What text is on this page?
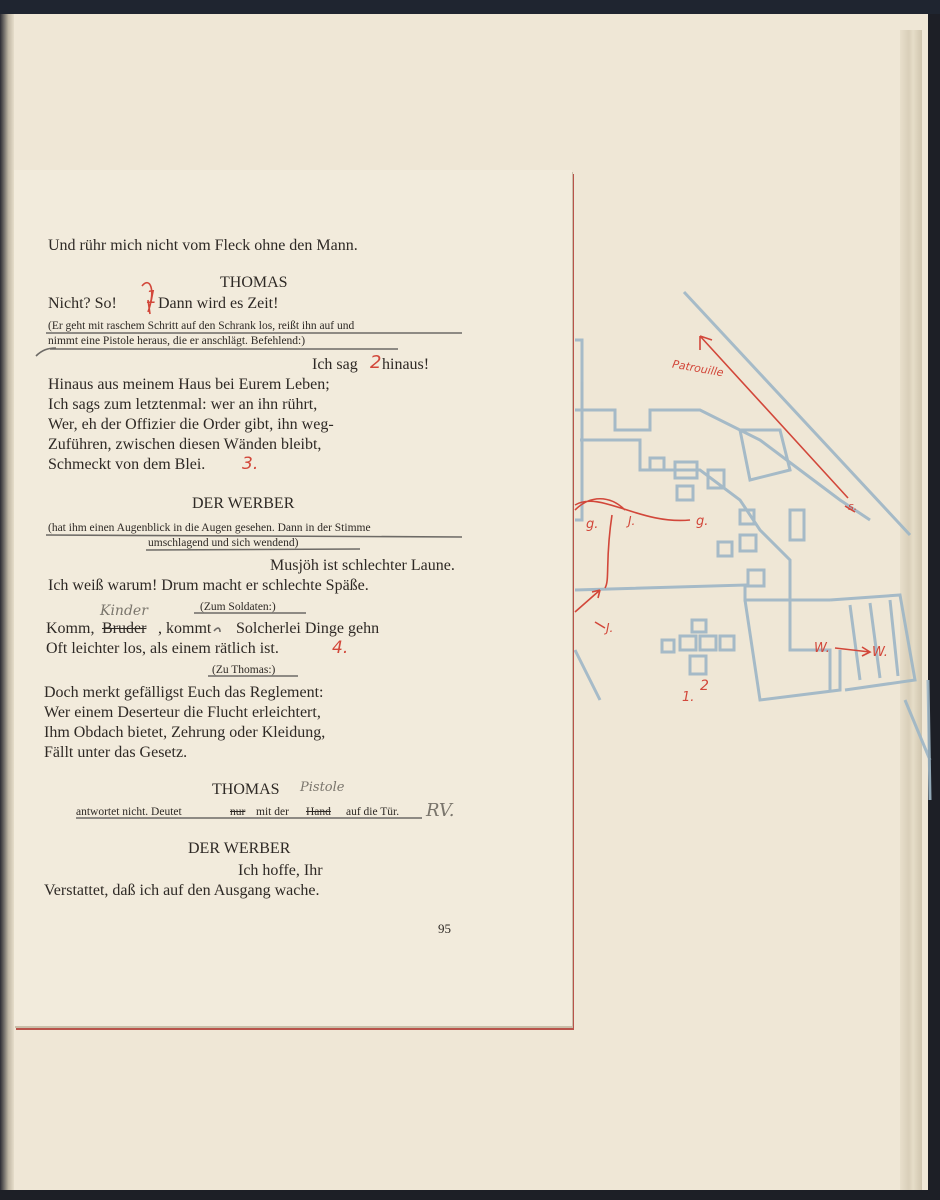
Und rühr mich nicht vom Fleck ohne den Mann.
THOMAS
Nicht? So!	Dann wird es Zeit!
(Er geht mit raschem Schritt auf den Schrank los, reißt ihn auf und
nimmt eine Pistole heraus, die er anschlägt. Befehlend:)
Ich sag hinaus!
Hinaus aus meinem Haus bei Eurem Leben;
Ich sags zum letztenmal: wer an ihn rührt,
Wer, eh der Offizier die Order gibt, ihn weg-
Zuführen, zwischen diesen Wänden bleibt,
Schmeckt von dem Blei.
DER WERBER
(hat ihm einen Augenblick in die Augen gesehen. Dann in der Stimme
umschlagend und sich wendend)
Musjöh ist schlechter Laune.
Ich weiß warum! Drum macht er schlechte Späße.
(Zum Soldaten:)
Komm, Bruder , kommt Solcherlei Dinge gehn
Oft leichter los, als einem rätlich ist.
(Zu Thomas:)
Doch merkt gefälligst Euch das Reglement:
Wer einem Deserteur die Flucht erleichtert,
Ihm Obdach bietet, Zehrung oder Kleidung,
Fällt unter das Gesetz.
THOMAS
antwortet nicht. Deutet	nur mit der Hand auf die Tür.
DER WERBER
Ich hoffe, Ihr
Verstattet, daß ich auf den Ausgang wache.
95
Kinder
Pistole
RV.
1
2
3.
4.
Patrouille
g. J.	g.
J.
W.	W.
1.
2
s.
